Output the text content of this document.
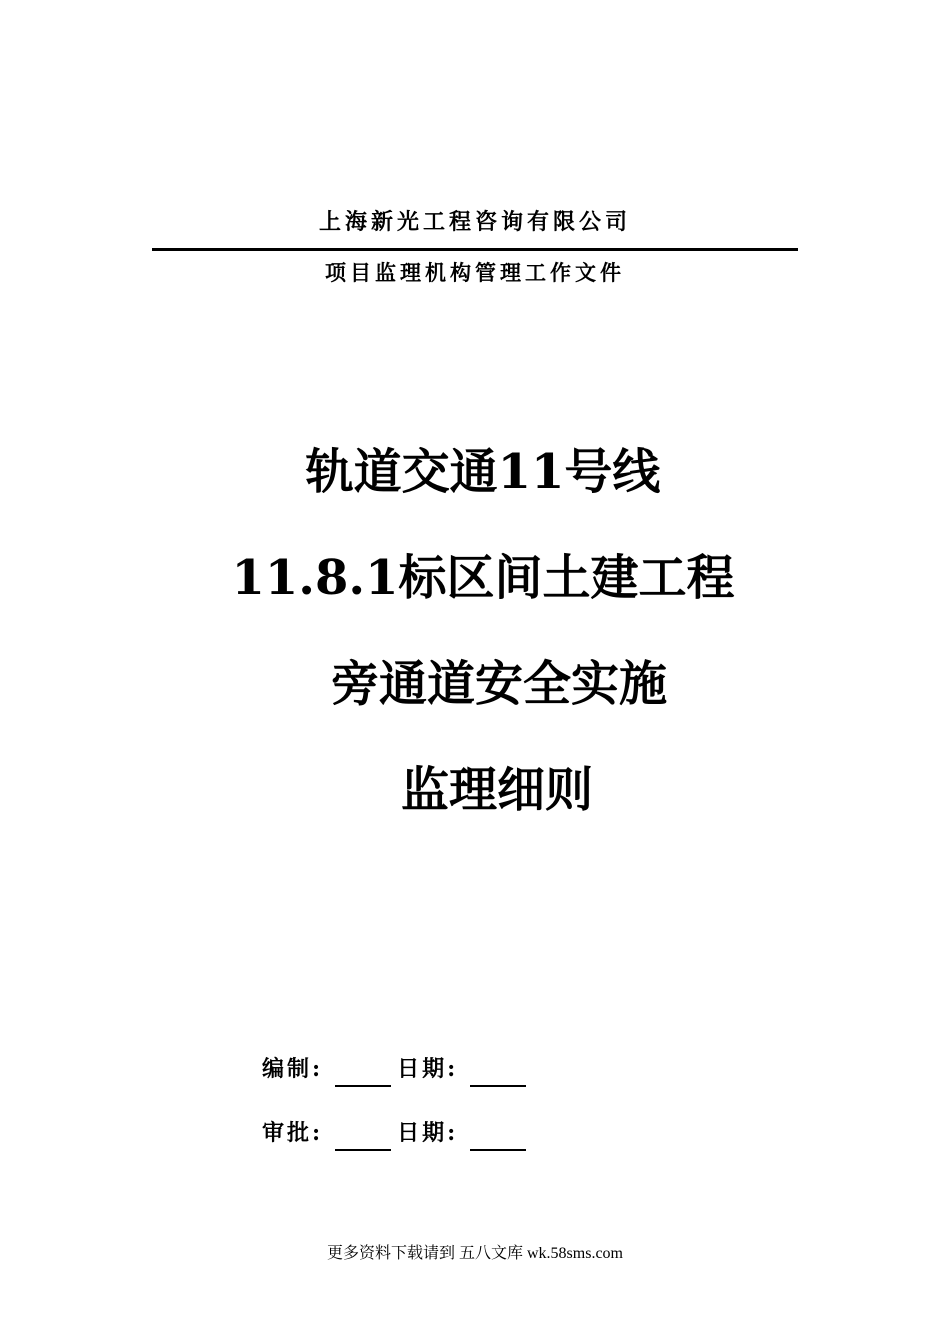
上海新光工程咨询有限公司
项目监理机构管理工作文件
轨道交通11号线
11.8.1标区间土建工程
旁通道安全实施
监理细则
编制:	日期:
审批:	日期:
更多资料下载请到 五八文库 wk.58sms.com
